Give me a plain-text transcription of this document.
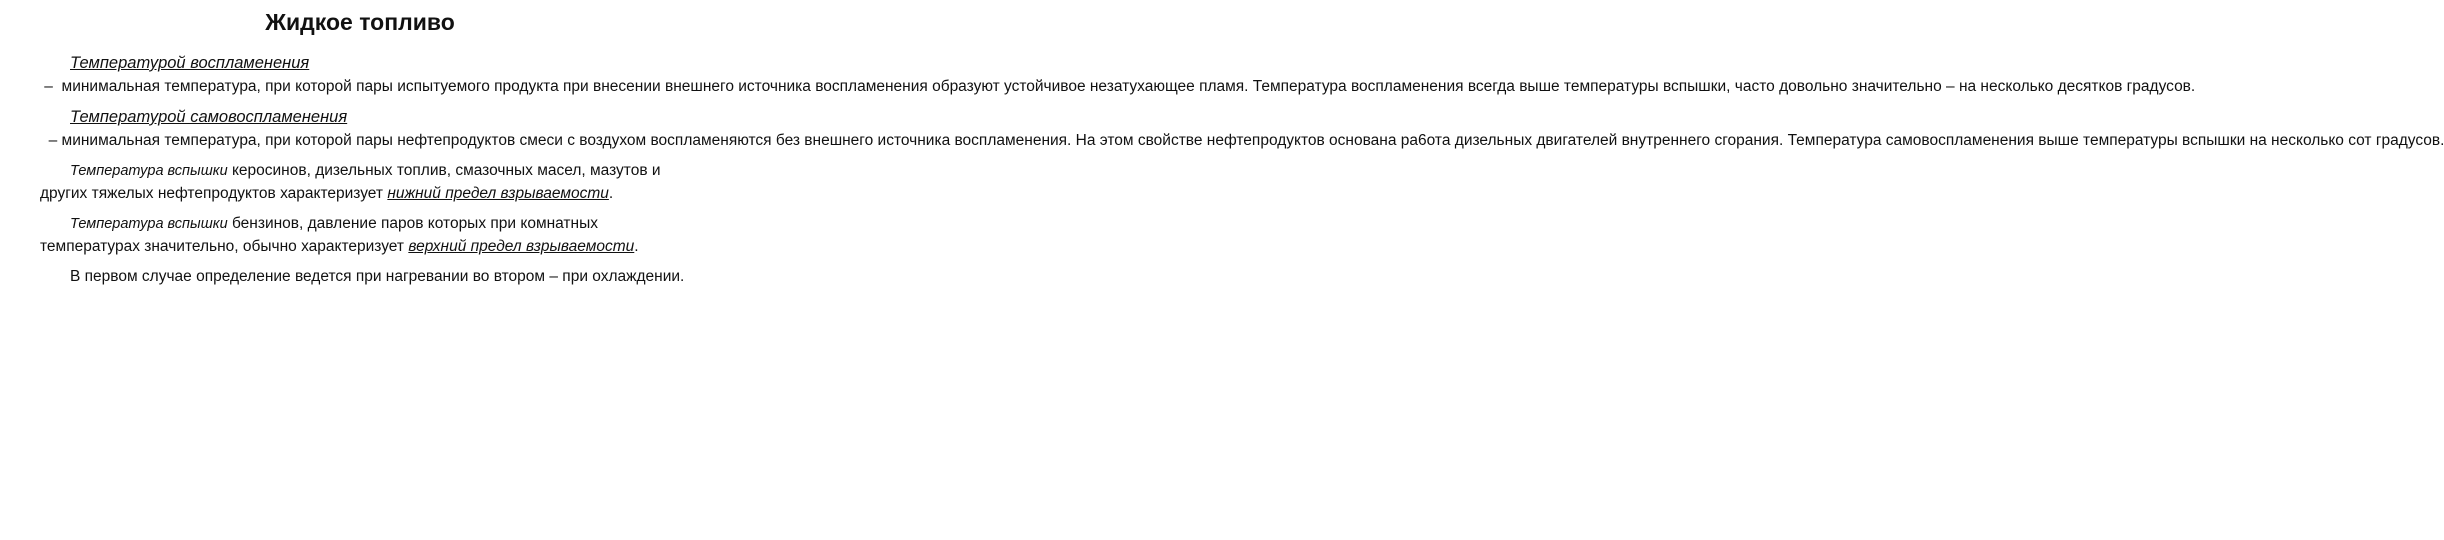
Жидкое топливо

Температурой воспламенения –  минимальная температура, при которой пары испытуемого продукта при внесении внешнего источника воспламенения образуют устойчивое незатухающее пламя. Температура воспламенения всегда выше температуры вспышки, часто довольно значительно – на несколько десятков градусов.

Температурой самовоспламенения  – минимальная температура, при которой пары нефтепродуктов смеси с воздухом воспламеняются без внешнего источника воспламенения. На этом свойстве нефтепродуктов основана ра6ота дизельных двигателей внутреннего сгорания. Температура самовоспламенения выше температуры вспышки на несколько сот градусов.

Температура вспышки керосинов, дизельных топлив, смазочных масел, мазутов и других тяжелых нефтепродуктов характеризует нижний предел взрываемости.

Температура вспышки бензинов, давление паров которых при комнатных температурах значительно, обычно характеризует верхний предел взрываемости.

В первом случае определение ведется при нагревании во втором – при охлаждении.
